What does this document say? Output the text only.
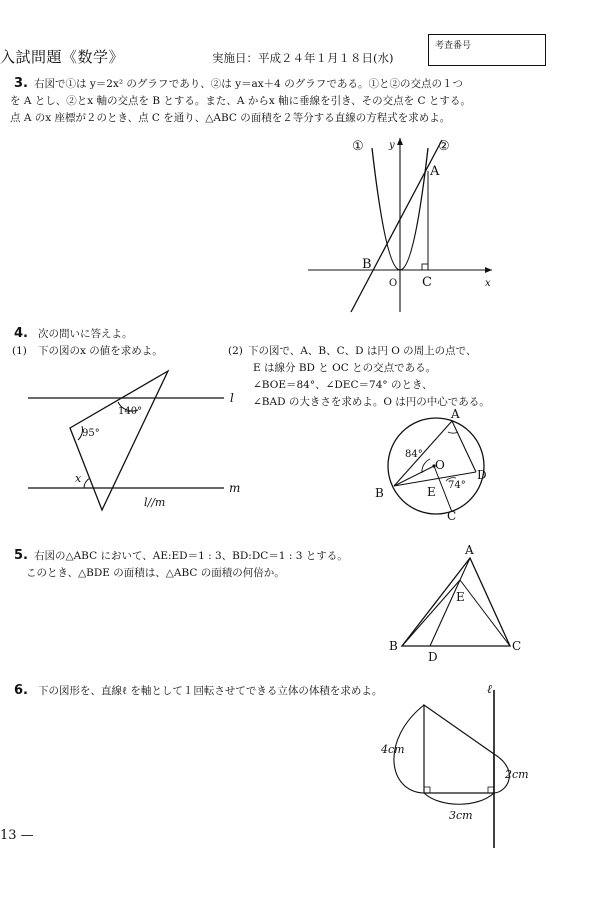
入試問題《数学》	実施日：平成２４年１月１８日(水)
考査番号
3. 右図で①は y＝2x² のグラフであり、②は y＝ax＋4 のグラフである。①と②の交点の１つ
を A とし、②とx 軸の交点を B とする。また、A からx 軸に垂線を引き、その交点を C とする。
点 A のx 座標が２のとき、点 C を通り、△ABC の面積を２等分する直線の方程式を求めよ。
①	②
y
x
O
A
B
C
4. 次の問いに答えよ。
(1) 下の図のx の値を求めよ。
140°
95°
x
l
m
l//m
(2) 下の図で、A、B、C、D は円 O の周上の点で、
E は線分 BD と OC との交点である。
∠BOE＝84°、∠DEC＝74° のとき、
∠BAD の大きさを求めよ。O は円の中心である。
A
B
C
D
E
O
84°
74°
5. 右図の△ABC において、AE:ED＝1 : 3、BD:DC＝1 : 3 とする。
このとき、△BDE の面積は、△ABC の面積の何倍か。
A
B	C
D
E
6. 下の図形を、直線ℓ を軸として１回転させてできる立体の体積を求めよ。	ℓ
4cm
2cm
3cm
13 —
